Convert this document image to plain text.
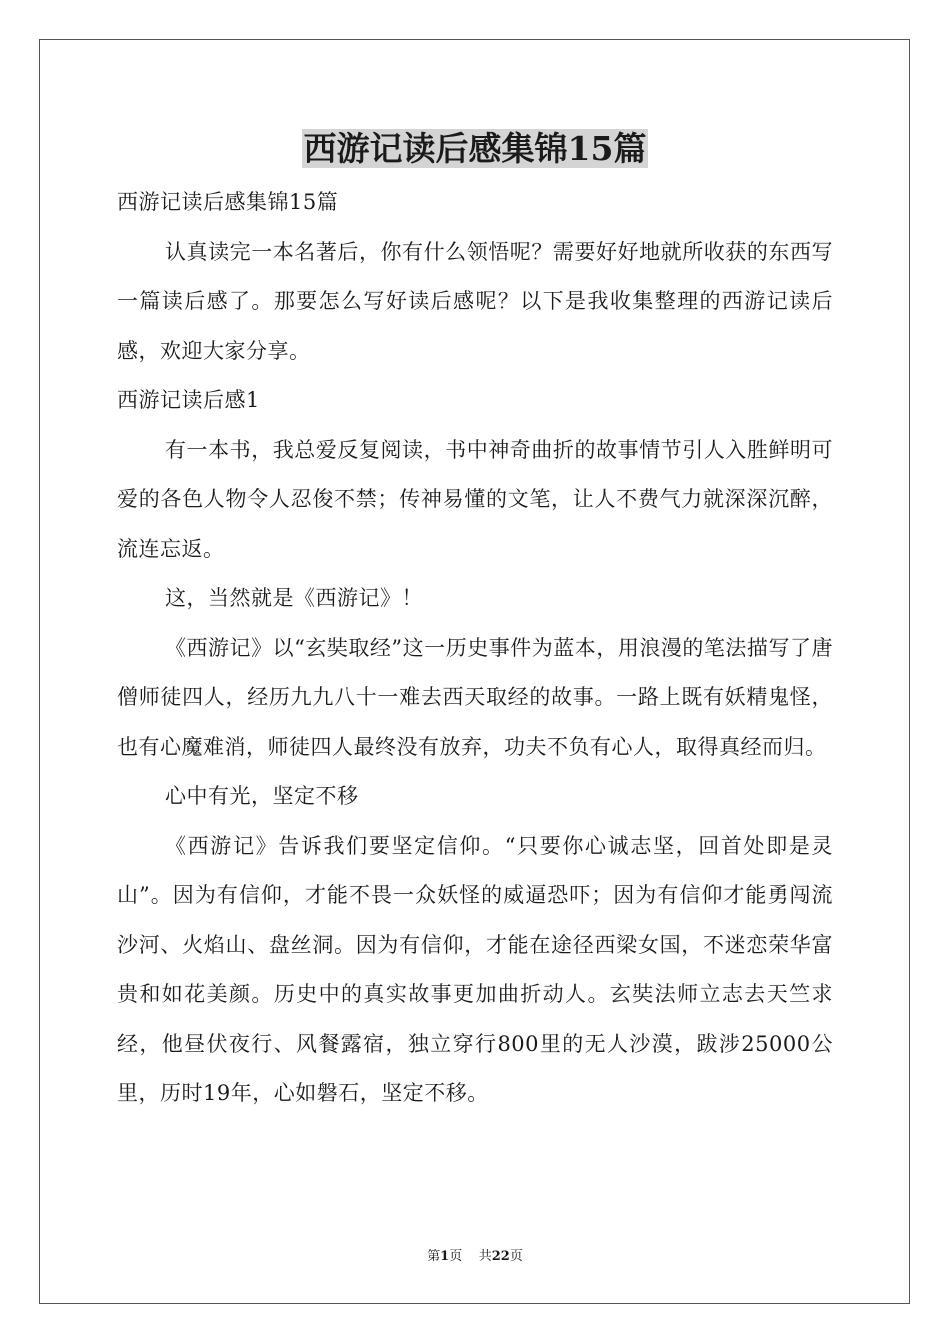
西游记读后感集锦15篇

西游记读后感集锦15篇

认真读完一本名著后，你有什么领悟呢？需要好好地就所收获的东西写一篇读后感了。那要怎么写好读后感呢？以下是我收集整理的西游记读后感，欢迎大家分享。

西游记读后感1

有一本书，我总爱反复阅读，书中神奇曲折的故事情节引人入胜鲜明可爱的各色人物令人忍俊不禁；传神易懂的文笔，让人不费气力就深深沉醉，流连忘返。

这，当然就是《西游记》！

《西游记》以“玄奘取经”这一历史事件为蓝本，用浪漫的笔法描写了唐僧师徒四人，经历九九八十一难去西天取经的故事。一路上既有妖精鬼怪，也有心魔难消，师徒四人最终没有放弃，功夫不负有心人，取得真经而归。

心中有光，坚定不移

《西游记》告诉我们要坚定信仰。“只要你心诚志坚，回首处即是灵山”。因为有信仰，才能不畏一众妖怪的威逼恐吓；因为有信仰才能勇闯流沙河、火焰山、盘丝洞。因为有信仰，才能在途径西梁女国，不迷恋荣华富贵和如花美颜。历史中的真实故事更加曲折动人。玄奘法师立志去天竺求经，他昼伏夜行、风餐露宿，独立穿行800里的无人沙漠，跋涉25000公里，历时19年，心如磐石，坚定不移。

第1页    共22页
